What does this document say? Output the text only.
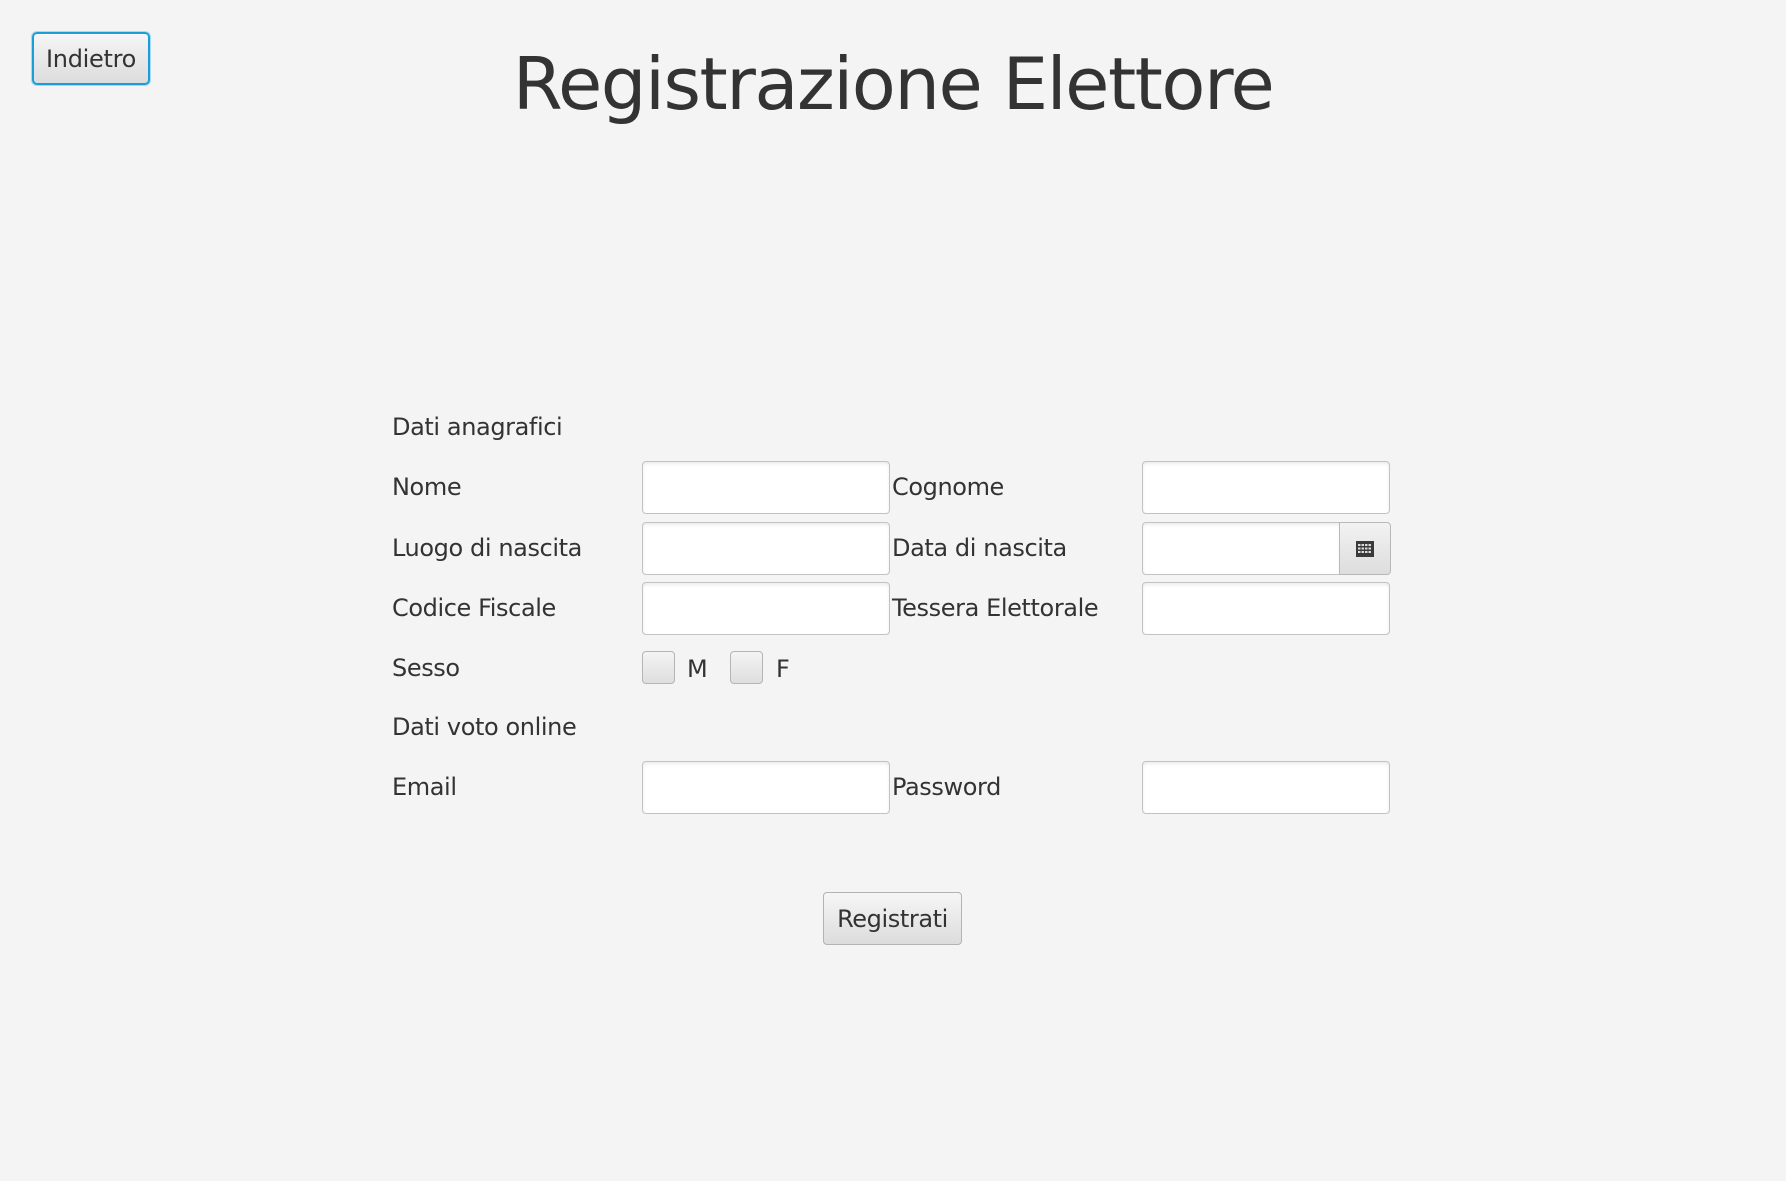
Indietro	Registrazione Elettore
Dati anagrafici
Nome	Cognome
Luogo di nascita	Data di nascita
Codice Fiscale	Tessera Elettorale
Sesso	M	F
Dati voto online
Email	Password
Registrati
